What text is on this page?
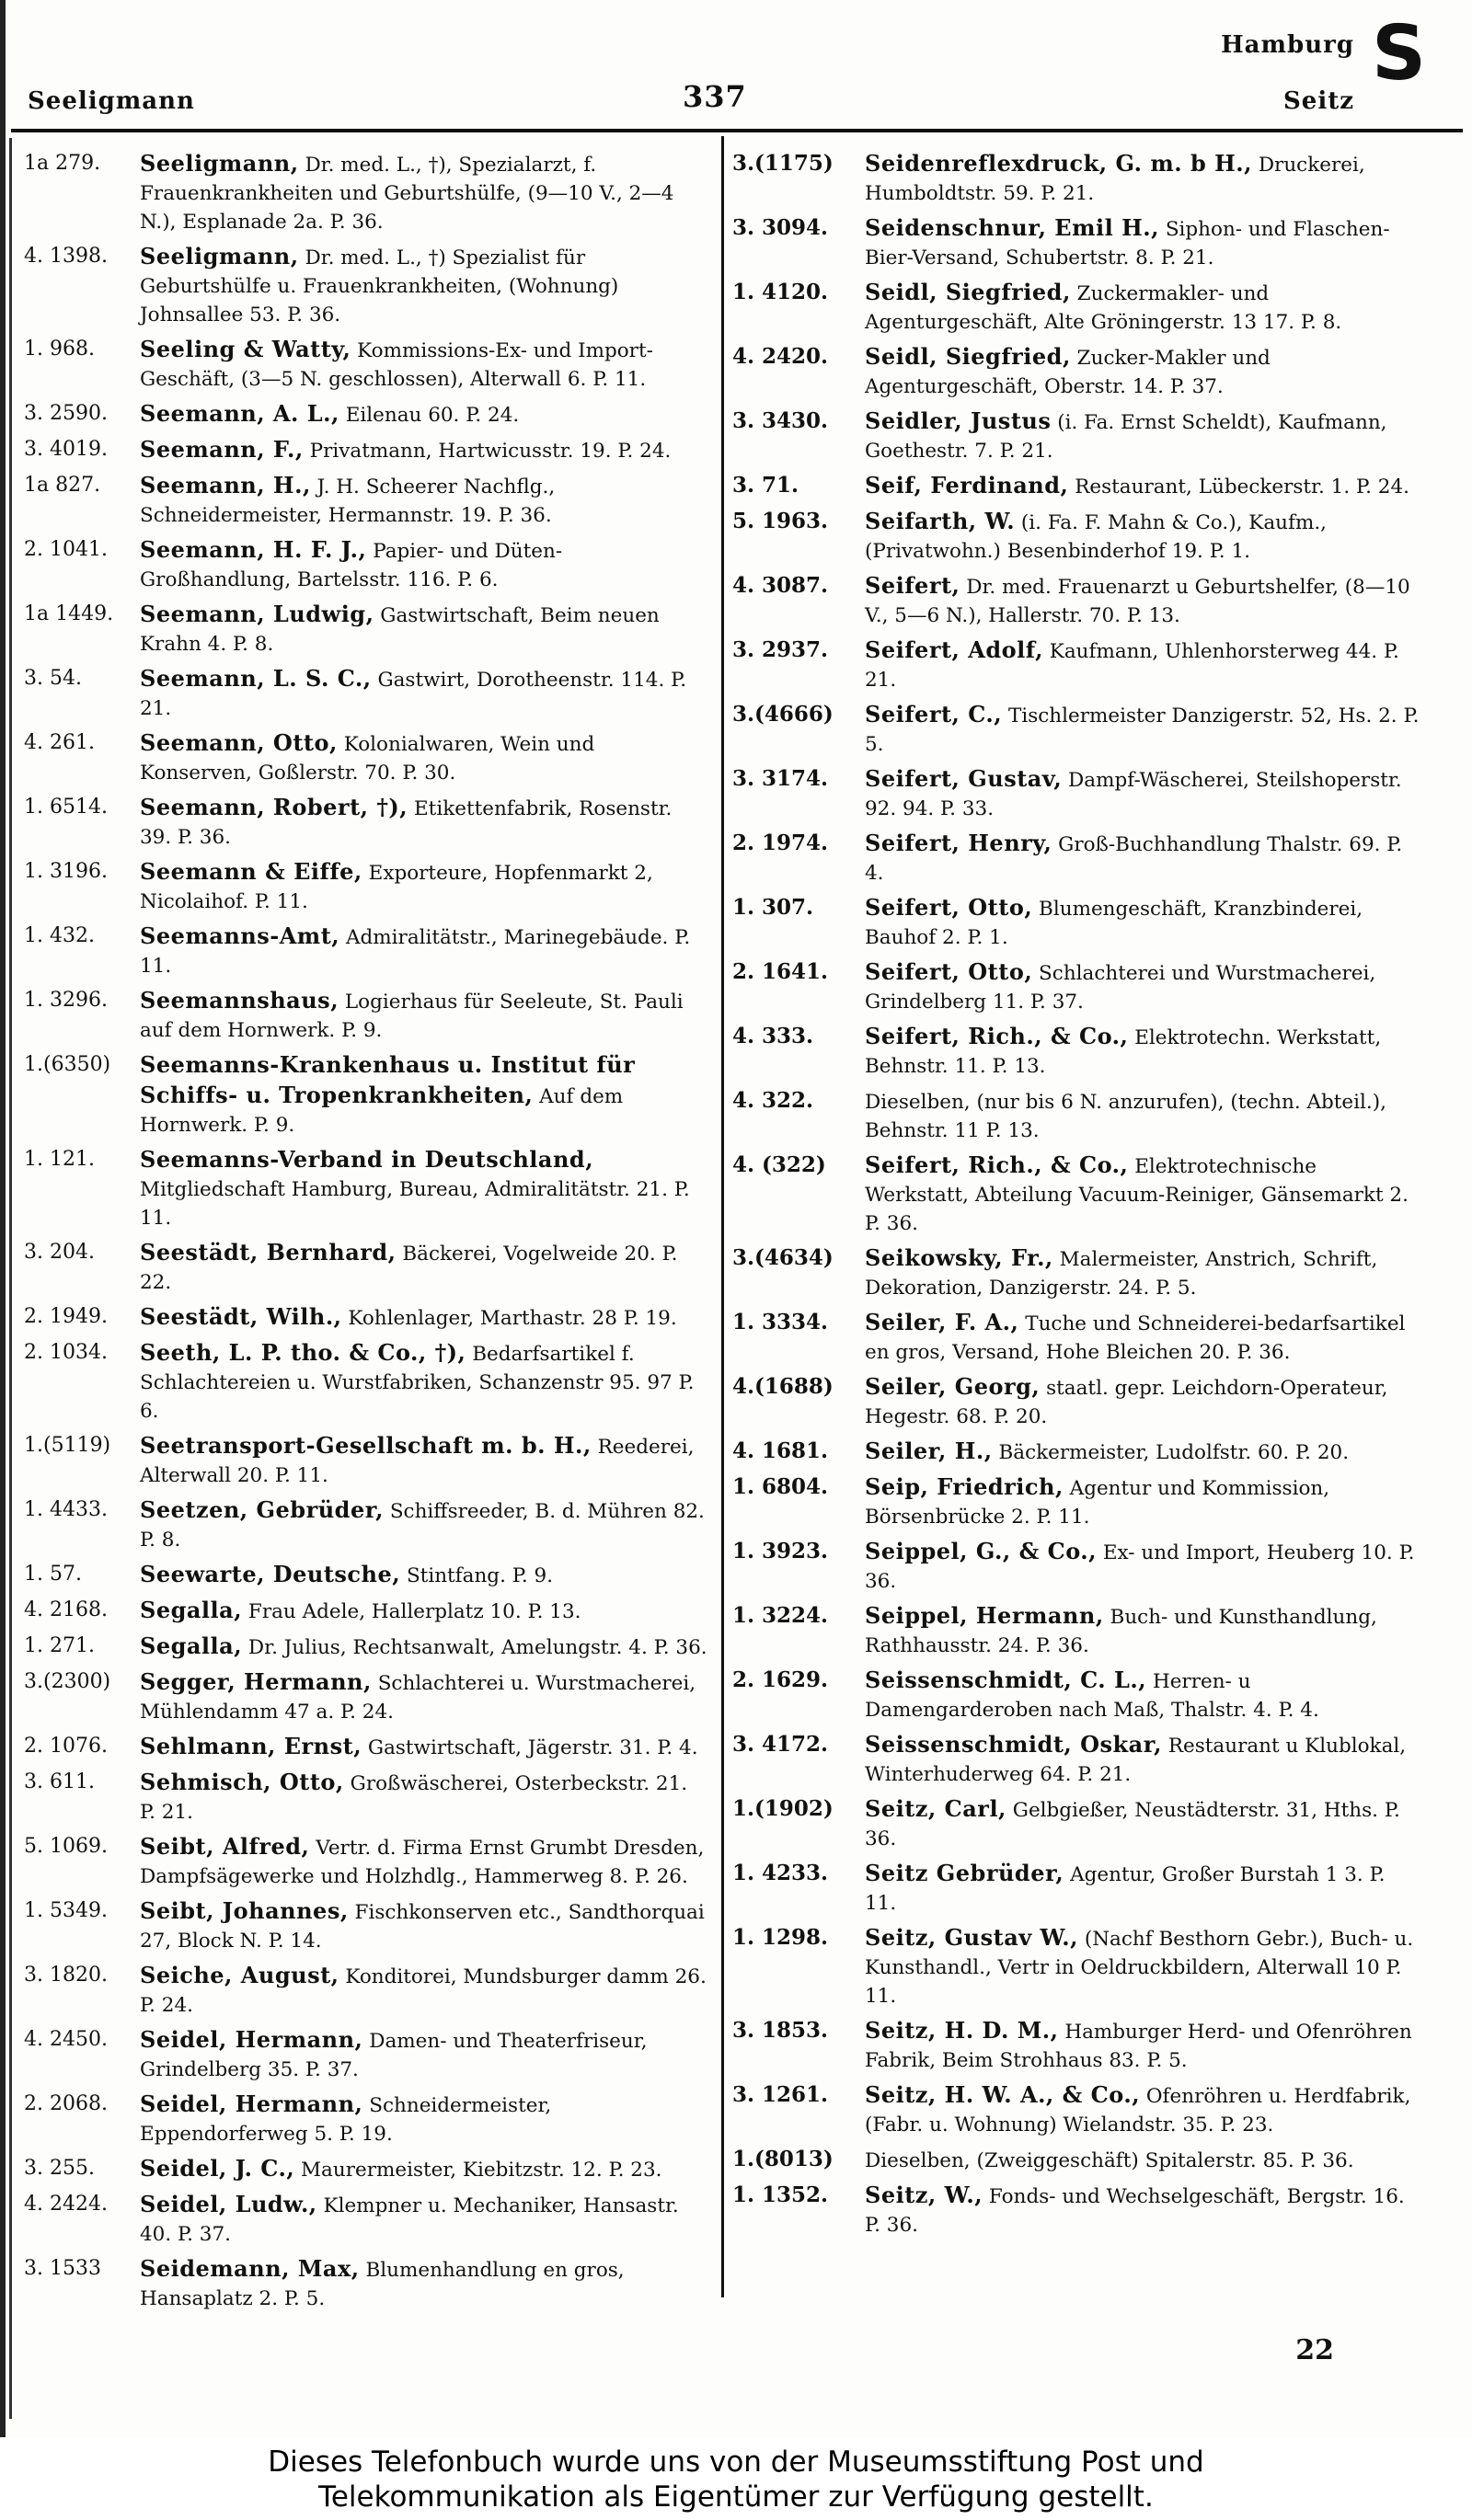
Seeligmann	337
Hamburg
Seitz
S
1a 279.	Seeligmann, Dr. med. L., †), Spezialarzt, f. Frauenkrankheiten und Geburtshülfe, (9—10 V., 2—4 N.), Esplanade 2a. P. 36.
4. 1398.	Seeligmann, Dr. med. L., †) Spezialist für Geburtshülfe u. Frauenkrankheiten, (Wohnung) Johnsallee 53. P. 36.
1. 968.	Seeling & Watty, Kommissions-Ex- und Import-Geschäft, (3—5 N. geschlossen), Alterwall 6. P. 11.
3. 2590.	Seemann, A. L., Eilenau 60. P. 24.
3. 4019.	Seemann, F., Privatmann, Hartwicusstr. 19. P. 24.
1a 827.	Seemann, H., J. H. Scheerer Nachflg., Schneidermeister, Hermannstr. 19. P. 36.
2. 1041.	Seemann, H. F. J., Papier- und Düten-Großhandlung, Bartelsstr. 116. P. 6.
1a 1449.	Seemann, Ludwig, Gastwirtschaft, Beim neuen Krahn 4. P. 8.
3. 54.	Seemann, L. S. C., Gastwirt, Dorotheenstr. 114. P. 21.
4. 261.	Seemann, Otto, Kolonialwaren, Wein und Konserven, Goßlerstr. 70. P. 30.
1. 6514.	Seemann, Robert, †), Etikettenfabrik, Rosenstr. 39. P. 36.
1. 3196.	Seemann & Eiffe, Exporteure, Hopfenmarkt 2, Nicolaihof. P. 11.
1. 432.	Seemanns-Amt, Admiralitätstr., Marinegebäude. P. 11.
1. 3296.	Seemannshaus, Logierhaus für Seeleute, St. Pauli auf dem Hornwerk. P. 9.
1.(6350)	Seemanns-Krankenhaus u. Institut für Schiffs- u. Tropenkrankheiten, Auf dem Hornwerk. P. 9.
1. 121.	Seemanns-Verband in Deutschland, Mitgliedschaft Hamburg, Bureau, Admiralitätstr. 21. P. 11.
3. 204.	Seestädt, Bernhard, Bäckerei, Vogelweide 20. P. 22.
2. 1949.	Seestädt, Wilh., Kohlenlager, Marthastr. 28 P. 19.
2. 1034.	Seeth, L. P. tho. & Co., †), Bedarfsartikel f. Schlachtereien u. Wurstfabriken, Schanzenstr 95. 97 P. 6.
1.(5119)	Seetransport-Gesellschaft m. b. H., Reederei, Alterwall 20. P. 11.
1. 4433.	Seetzen, Gebrüder, Schiffsreeder, B. d. Mühren 82. P. 8.
1. 57.	Seewarte, Deutsche, Stintfang. P. 9.
4. 2168.	Segalla, Frau Adele, Hallerplatz 10. P. 13.
1. 271.	Segalla, Dr. Julius, Rechtsanwalt, Amelungstr. 4. P. 36.
3.(2300)	Segger, Hermann, Schlachterei u. Wurstmacherei, Mühlendamm 47 a. P. 24.
2. 1076.	Sehlmann, Ernst, Gastwirtschaft, Jägerstr. 31. P. 4.
3. 611.	Sehmisch, Otto, Großwäscherei, Osterbeckstr. 21. P. 21.
5. 1069.	Seibt, Alfred, Vertr. d. Firma Ernst Grumbt Dresden, Dampfsägewerke und Holzhdlg., Hammerweg 8. P. 26.
1. 5349.	Seibt, Johannes, Fischkonserven etc., Sandthorquai 27, Block N. P. 14.
3. 1820.	Seiche, August, Konditorei, Mundsburger damm 26. P. 24.
4. 2450.	Seidel, Hermann, Damen- und Theaterfriseur, Grindelberg 35. P. 37.
2. 2068.	Seidel, Hermann, Schneidermeister, Eppendorferweg 5. P. 19.
3. 255.	Seidel, J. C., Maurermeister, Kiebitzstr. 12. P. 23.
4. 2424.	Seidel, Ludw., Klempner u. Mechaniker, Hansastr. 40. P. 37.
3. 1533	Seidemann, Max, Blumenhandlung en gros, Hansaplatz 2. P. 5.
3.(1175)	Seidenreflexdruck, G. m. b H., Druckerei, Humboldtstr. 59. P. 21.
3. 3094.	Seidenschnur, Emil H., Siphon- und Flaschen-Bier-Versand, Schubertstr. 8. P. 21.
1. 4120.	Seidl, Siegfried, Zuckermakler- und Agenturgeschäft, Alte Gröningerstr. 13 17. P. 8.
4. 2420.	Seidl, Siegfried, Zucker-Makler und Agenturgeschäft, Oberstr. 14. P. 37.
3. 3430.	Seidler, Justus (i. Fa. Ernst Scheldt), Kaufmann, Goethestr. 7. P. 21.
3. 71.	Seif, Ferdinand, Restaurant, Lübeckerstr. 1. P. 24.
5. 1963.	Seifarth, W. (i. Fa. F. Mahn & Co.), Kaufm., (Privatwohn.) Besenbinderhof 19. P. 1.
4. 3087.	Seifert, Dr. med. Frauenarzt u Geburtshelfer, (8—10 V., 5—6 N.), Hallerstr. 70. P. 13.
3. 2937.	Seifert, Adolf, Kaufmann, Uhlenhorsterweg 44. P. 21.
3.(4666)	Seifert, C., Tischlermeister Danzigerstr. 52, Hs. 2. P. 5.
3. 3174.	Seifert, Gustav, Dampf-Wäscherei, Steilshoperstr. 92. 94. P. 33.
2. 1974.	Seifert, Henry, Groß-Buchhandlung Thalstr. 69. P. 4.
1. 307.	Seifert, Otto, Blumengeschäft, Kranzbinderei, Bauhof 2. P. 1.
2. 1641.	Seifert, Otto, Schlachterei und Wurstmacherei, Grindelberg 11. P. 37.
4. 333.	Seifert, Rich., & Co., Elektrotechn. Werkstatt, Behnstr. 11. P. 13.
4. 322.	Dieselben, (nur bis 6 N. anzurufen), (techn. Abteil.), Behnstr. 11 P. 13.
4. (322)	Seifert, Rich., & Co., Elektrotechnische Werkstatt, Abteilung Vacuum-Reiniger, Gänsemarkt 2. P. 36.
3.(4634)	Seikowsky, Fr., Malermeister, Anstrich, Schrift, Dekoration, Danzigerstr. 24. P. 5.
1. 3334.	Seiler, F. A., Tuche und Schneiderei-bedarfsartikel en gros, Versand, Hohe Bleichen 20. P. 36.
4.(1688)	Seiler, Georg, staatl. gepr. Leichdorn-Operateur, Hegestr. 68. P. 20.
4. 1681.	Seiler, H., Bäckermeister, Ludolfstr. 60. P. 20.
1. 6804.	Seip, Friedrich, Agentur und Kommission, Börsenbrücke 2. P. 11.
1. 3923.	Seippel, G., & Co., Ex- und Import, Heuberg 10. P. 36.
1. 3224.	Seippel, Hermann, Buch- und Kunsthandlung, Rathhausstr. 24. P. 36.
2. 1629.	Seissenschmidt, C. L., Herren- u Damengarderoben nach Maß, Thalstr. 4. P. 4.
3. 4172.	Seissenschmidt, Oskar, Restaurant u Klublokal, Winterhuderweg 64. P. 21.
1.(1902)	Seitz, Carl, Gelbgießer, Neustädterstr. 31, Hths. P. 36.
1. 4233.	Seitz Gebrüder, Agentur, Großer Burstah 1 3. P. 11.
1. 1298.	Seitz, Gustav W., (Nachf Besthorn Gebr.), Buch- u. Kunsthandl., Vertr in Oeldruckbildern, Alterwall 10 P. 11.
3. 1853.	Seitz, H. D. M., Hamburger Herd- und Ofenröhren Fabrik, Beim Strohhaus 83. P. 5.
3. 1261.	Seitz, H. W. A., & Co., Ofenröhren u. Herdfabrik, (Fabr. u. Wohnung) Wielandstr. 35. P. 23.
1.(8013)	Dieselben, (Zweiggeschäft) Spitalerstr. 85. P. 36.
1. 1352.	Seitz, W., Fonds- und Wechselgeschäft, Bergstr. 16. P. 36.
22
Dieses Telefonbuch wurde uns von der Museumsstiftung Post und
Telekommunikation als Eigentümer zur Verfügung gestellt.
